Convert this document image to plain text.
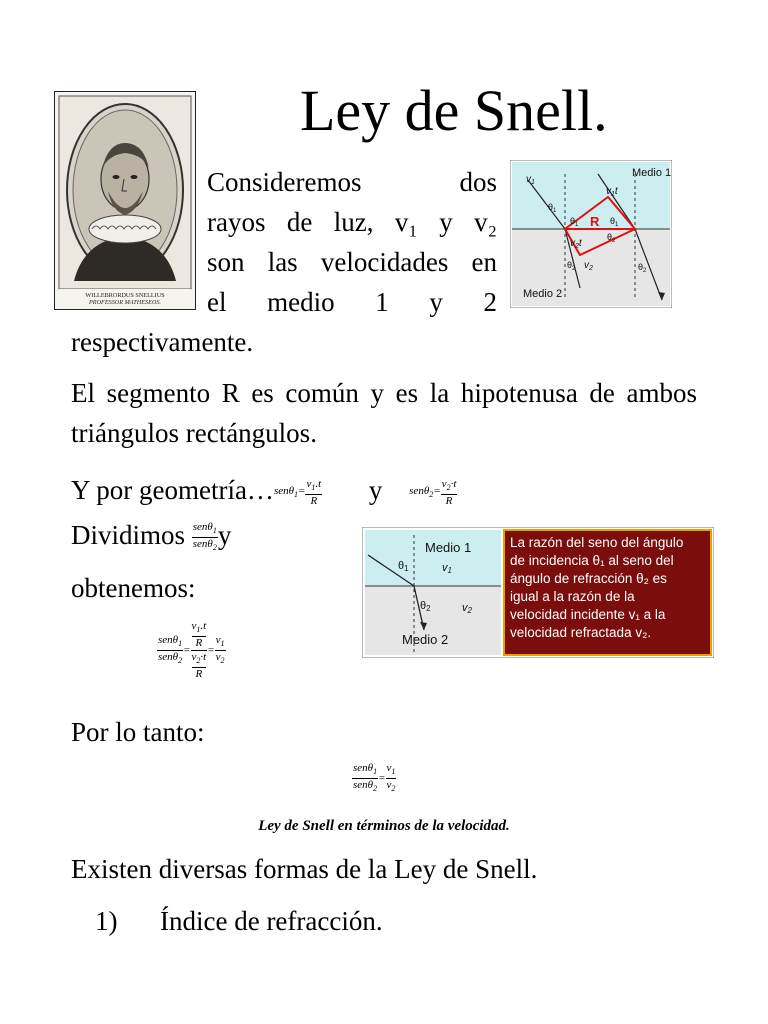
Ley de Snell.
WILLEBRORDUS SNELLIUS
PROFESSOR MATHESEOS.
Medio 1
Medio 2
$v_1$
$v_1t$
$v_2t$
$v_2$
R
$\theta_1$
$\theta_1$	$\theta_1$
$\theta_2$
$\theta_2$	$\theta_2$
Consideremos dos
rayos de luz, v₁ y v₂
son las velocidades en
el medio 1 y 2
respectivamente.
El segmento R es común y es la hipotenusa de ambos triángulos rectángulos.
Y por geometría…senθ$_1$= $\frac{v_1.t}{R}$ y $sen\theta_2= \frac{v_2\cdot t}{R}$
Dividimos $\frac{sen\theta_1}{sen\theta_2}$ y
obtenemos:
Medio 1
Medio 2
θ1
θ2
v1
v2
La razón del seno del ángulo
de incidencia θ₁ al seno del
ángulo de refracción θ₂ es
igual a la razón de la
velocidad incidente v₁ a la
velocidad refractada v₂.
$\frac{sen\theta_1}{sen\theta_2} = v_1.t$
R
$v_2\cdot t$
$R = \frac{v_1}{v_2}$
Por lo tanto:
$\frac{sen\theta_1}{sen\theta_2} = \frac{v_1}{v_2}$
Ley de Snell en términos de la velocidad.
Existen diversas formas de la Ley de Snell.
1) Índice de refracción.
